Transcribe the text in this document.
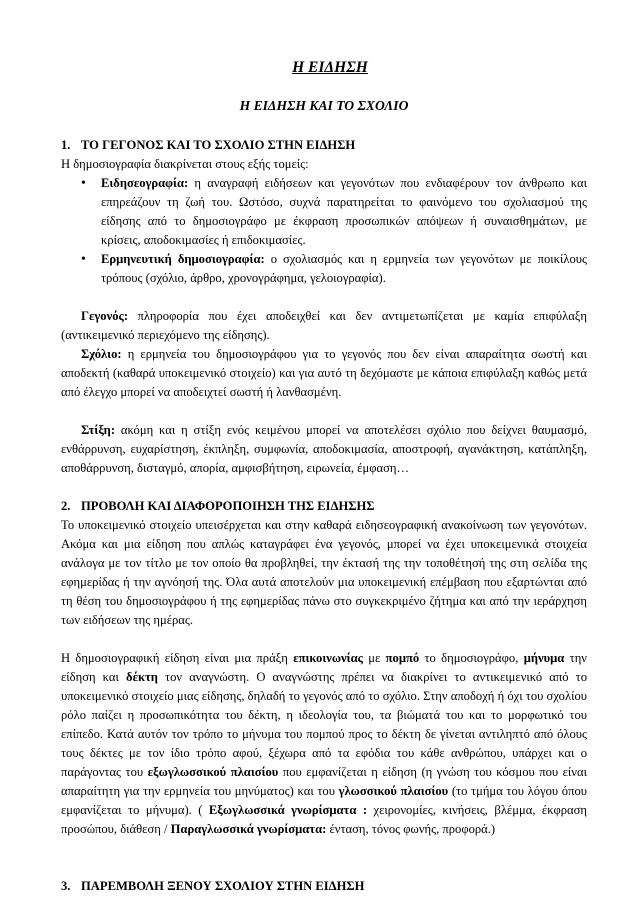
Η ΕΙΔΗΣΗ

Η ΕΙΔΗΣΗ ΚΑΙ ΤΟ ΣΧΟΛΙΟ

1. ΤΟ ΓΕΓΟΝΟΣ ΚΑΙ ΤΟ ΣΧΟΛΙΟ ΣΤΗΝ ΕΙΔΗΣΗ

Η δημοσιογραφία διακρίνεται στους εξής τομείς:

•	Ειδησεογραφία: η αναγραφή ειδήσεων και γεγονότων που ενδιαφέρουν τον άνθρωπο και επηρεάζουν τη ζωή του. Ωστόσο, συχνά παρατηρείται το φαινόμενο του σχολιασμού της είδησης από το δημοσιογράφο με έκφραση προσωπικών απόψεων ή συναισθημάτων, με κρίσεις, αποδοκιμασίες ή επιδοκιμασίες.
•	Ερμηνευτική δημοσιογραφία: ο σχολιασμός και η ερμηνεία των γεγονότων με ποικίλους τρόπους (σχόλιο, άρθρο, χρονογράφημα, γελοιογραφία).

Γεγονός: πληροφορία που έχει αποδειχθεί και δεν αντιμετωπίζεται με καμία επιφύλαξη (αντικειμενικό περιεχόμενο της είδησης).

Σχόλιο: η ερμηνεία του δημοσιογράφου για το γεγονός που δεν είναι απαραίτητα σωστή και αποδεκτή (καθαρά υποκειμενικό στοιχείο) και για αυτό τη δεχόμαστε με κάποια επιφύλαξη καθώς μετά από έλεγχο μπορεί να αποδειχτεί σωστή ή λανθασμένη.

Στίξη: ακόμη και η στίξη ενός κειμένου μπορεί να αποτελέσει σχόλιο που δείχνει θαυμασμό, ενθάρρυνση, ευχαρίστηση, έκπληξη, συμφωνία, αποδοκιμασία, αποστροφή, αγανάκτηση, κατάπληξη, αποθάρρυνση, δισταγμό, απορία, αμφισβήτηση, ειρωνεία, έμφαση…

2. ΠΡΟΒΟΛΗ ΚΑΙ ΔΙΑΦΟΡΟΠΟΙΗΣΗ ΤΗΣ ΕΙΔΗΣΗΣ

Το υποκειμενικό στοιχείο υπεισέρχεται και στην καθαρά ειδησεογραφική ανακοίνωση των γεγονότων. Ακόμα και μια είδηση που απλώς καταγράφει ένα γεγονός, μπορεί να έχει υποκειμενικά στοιχεία ανάλογα με τον τίτλο με τον οποίο θα προβληθεί, την έκτασή της την τοποθέτησή της στη σελίδα της εφημερίδας ή την αγνόησή της. Όλα αυτά αποτελούν μια υποκειμενική επέμβαση που εξαρτώνται από τη θέση του δημοσιογράφου ή της εφημερίδας πάνω στο συγκεκριμένο ζήτημα και από την ιεράρχηση των ειδήσεων της ημέρας.

Η δημοσιογραφική είδηση είναι μια πράξη επικοινωνίας με πομπό το δημοσιογράφο, μήνυμα την είδηση και δέκτη τον αναγνώστη. Ο αναγνώστης πρέπει να διακρίνει το αντικειμενικό από το υποκειμενικό στοιχείο μιας είδησης, δηλαδή το γεγονός από το σχόλιο. Στην αποδοχή ή όχι του σχολίου ρόλο παίζει η προσωπικότητα του δέκτη, η ιδεολογία του, τα βιώματά του και το μορφωτικό του επίπεδο. Κατά αυτόν τον τρόπο το μήνυμα του πομπού προς το δέκτη δε γίνεται αντιληπτό από όλους τους δέκτες με τον ίδιο τρόπο αφού, ξέχωρα από τα εφόδια του κάθε ανθρώπου, υπάρχει και ο παράγοντας του εξωγλωσσικού πλαισίου που εμφανίζεται η είδηση (η γνώση του κόσμου που είναι απαραίτητη για την ερμηνεία του μηνύματος) και του γλωσσικού πλαισίου (το τμήμα του λόγου όπου εμφανίζεται το μήνυμα). ( Εξωγλωσσικά γνωρίσματα : χειρονομίες, κινήσεις, βλέμμα, έκφραση προσώπου, διάθεση / Παραγλωσσικά γνωρίσματα: ένταση, τόνος φωνής, προφορά.)

3. ΠΑΡΕΜΒΟΛΗ ΞΕΝΟΥ ΣΧΟΛΙΟΥ ΣΤΗΝ ΕΙΔΗΣΗ
